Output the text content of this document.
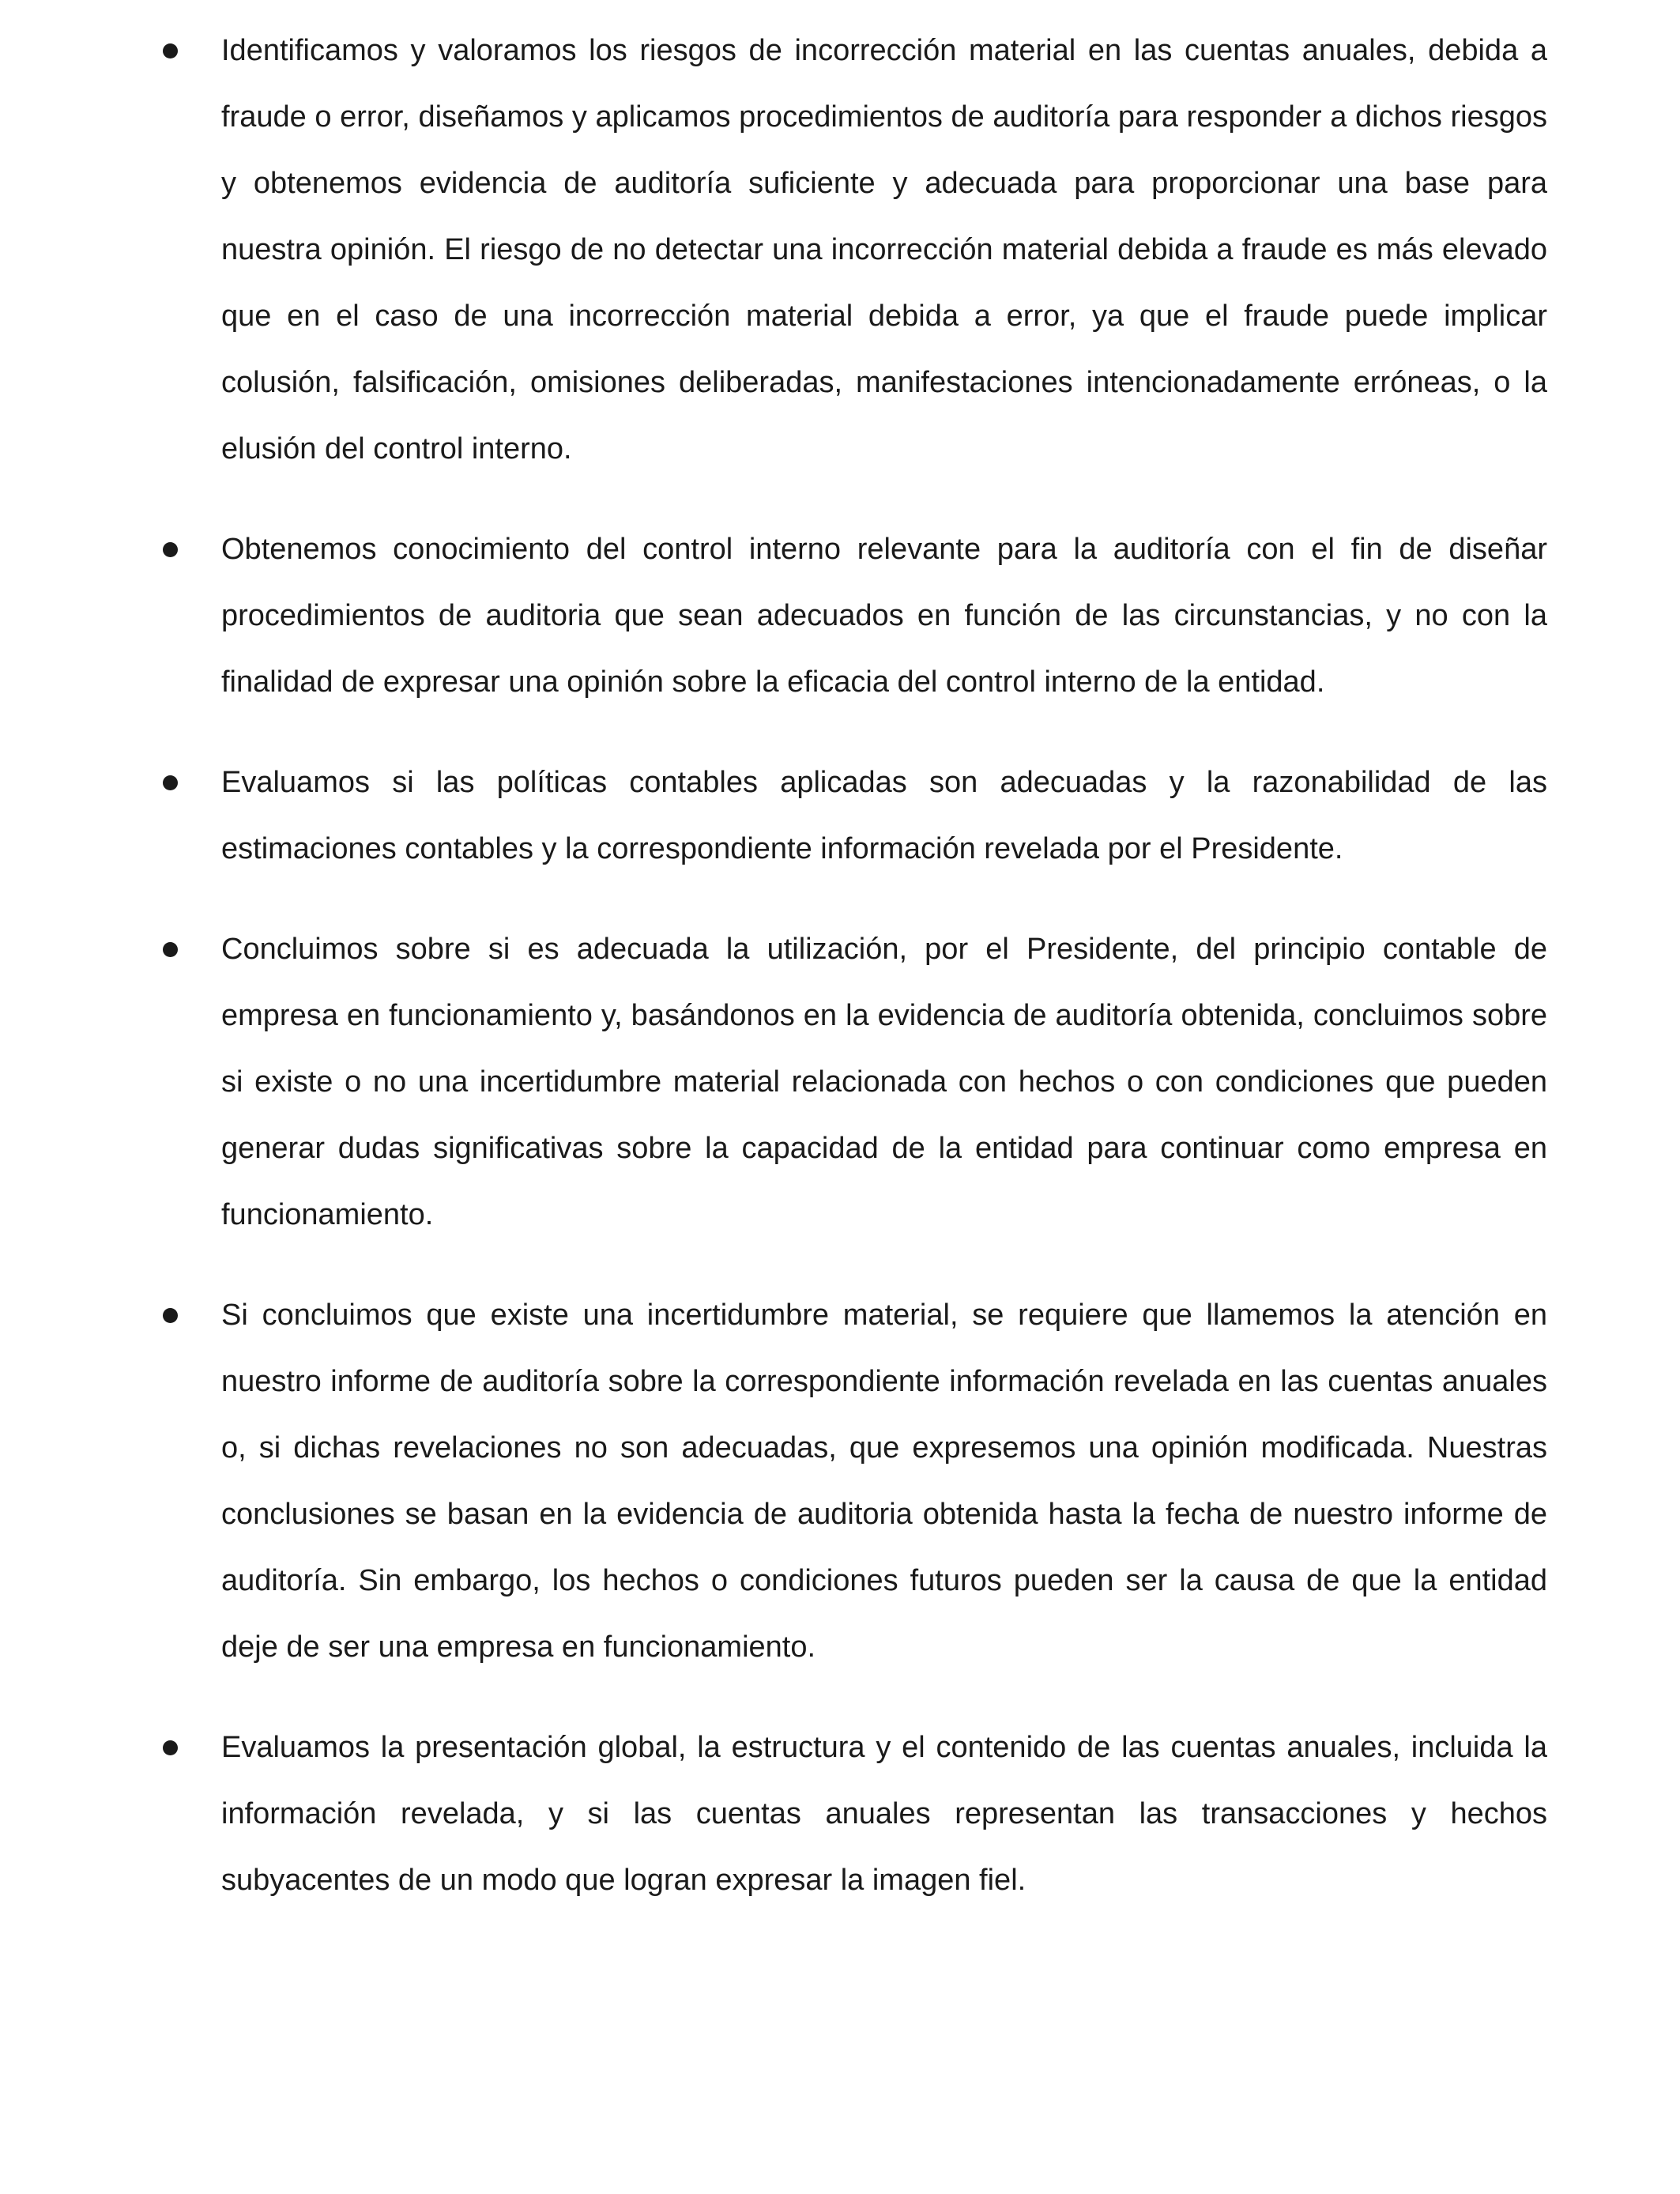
Identificamos y valoramos los riesgos de incorrección material en las cuentas anuales, debida a fraude o error, diseñamos y aplicamos procedimientos de auditoría para responder a dichos riesgos y obtenemos evidencia de auditoría suficiente y adecuada para proporcionar una base para nuestra opinión. El riesgo de no detectar una incorrección material debida a fraude es más elevado que en el caso de una incorrección material debida a error, ya que el fraude puede implicar colusión, falsificación, omisiones deliberadas, manifestaciones intencionadamente erróneas, o la elusión del control interno.
Obtenemos conocimiento del control interno relevante para la auditoría con el fin de diseñar procedimientos de auditoria que sean adecuados en función de las circunstancias, y no con la finalidad de expresar una opinión sobre la eficacia del control interno de la entidad.
Evaluamos si las políticas contables aplicadas son adecuadas y la razonabilidad de las estimaciones contables y la correspondiente información revelada por el Presidente.
Concluimos sobre si es adecuada la utilización, por el Presidente, del principio contable de empresa en funcionamiento y, basándonos en la evidencia de auditoría obtenida, concluimos sobre si existe o no una incertidumbre material relacionada con hechos o con condiciones que pueden generar dudas significativas sobre la capacidad de la entidad para continuar como empresa en funcionamiento.
Si concluimos que existe una incertidumbre material, se requiere que llamemos la atención en nuestro informe de auditoría sobre la correspondiente información revelada en las cuentas anuales o, si dichas revelaciones no son adecuadas, que expresemos una opinión modificada. Nuestras conclusiones se basan en la evidencia de auditoria obtenida hasta la fecha de nuestro informe de auditoría. Sin embargo, los hechos o condiciones futuros pueden ser la causa de que la entidad deje de ser una empresa en funcionamiento.
Evaluamos la presentación global, la estructura y el contenido de las cuentas anuales, incluida la información revelada, y si las cuentas anuales representan las transacciones y hechos subyacentes de un modo que logran expresar la imagen fiel.
